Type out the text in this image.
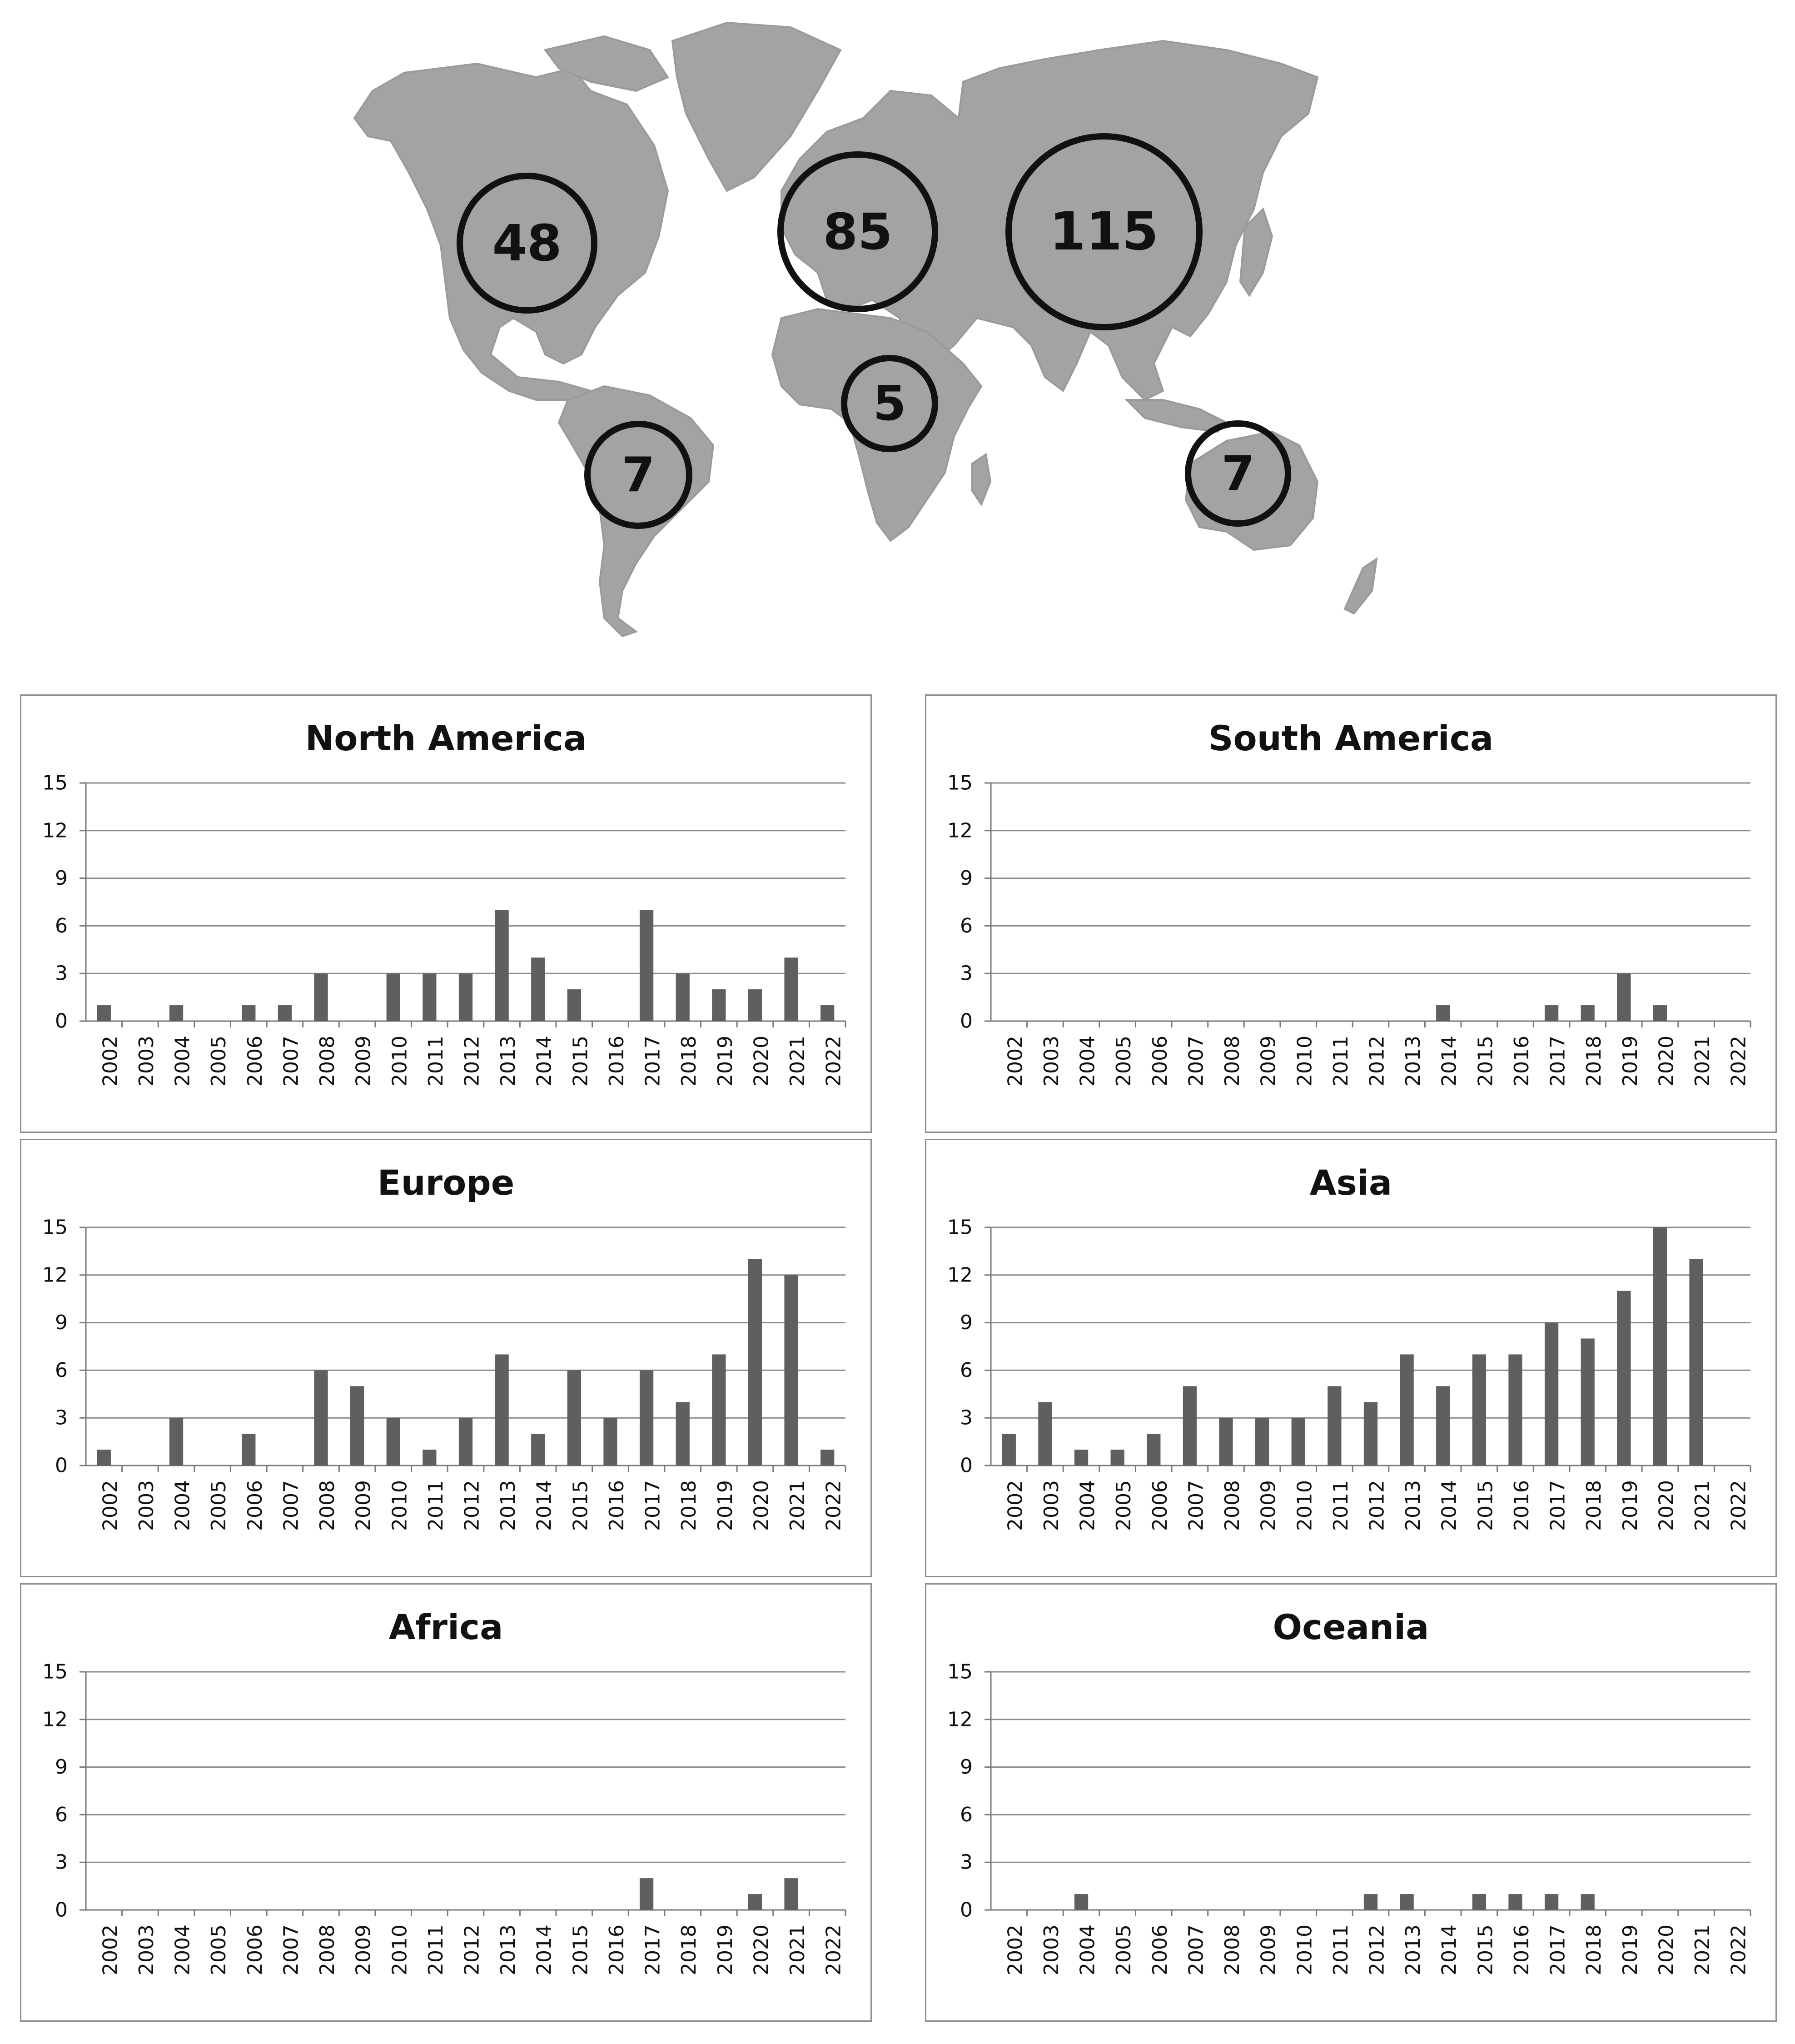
48	85	115
5
7	7
North America
0
3
6
9
12
15
2002 2003 2004 2005 2006 2007 2008 2009 2010 2011 2012 2013 2014 2015 2016 2017 2018 2019 2020 2021 2022
South America
0
3
6
9
12
15
2002 2003 2004 2005 2006 2007 2008 2009 2010 2011 2012 2013 2014 2015 2016 2017 2018 2019 2020 2021 2022
Europe
0
3
6
9
12
15
2002 2003 2004 2005 2006 2007 2008 2009 2010 2011 2012 2013 2014 2015 2016 2017 2018 2019 2020 2021 2022
Asia
0
3
6
9
12
15
2002 2003 2004 2005 2006 2007 2008 2009 2010 2011 2012 2013 2014 2015 2016 2017 2018 2019 2020 2021 2022
Africa
0
3
6
9
12
15
2002 2003 2004 2005 2006 2007 2008 2009 2010 2011 2012 2013 2014 2015 2016 2017 2018 2019 2020 2021 2022
Oceania
0
3
6
9
12
15
2002 2003 2004 2005 2006 2007 2008 2009 2010 2011 2012 2013 2014 2015 2016 2017 2018 2019 2020 2021 2022
